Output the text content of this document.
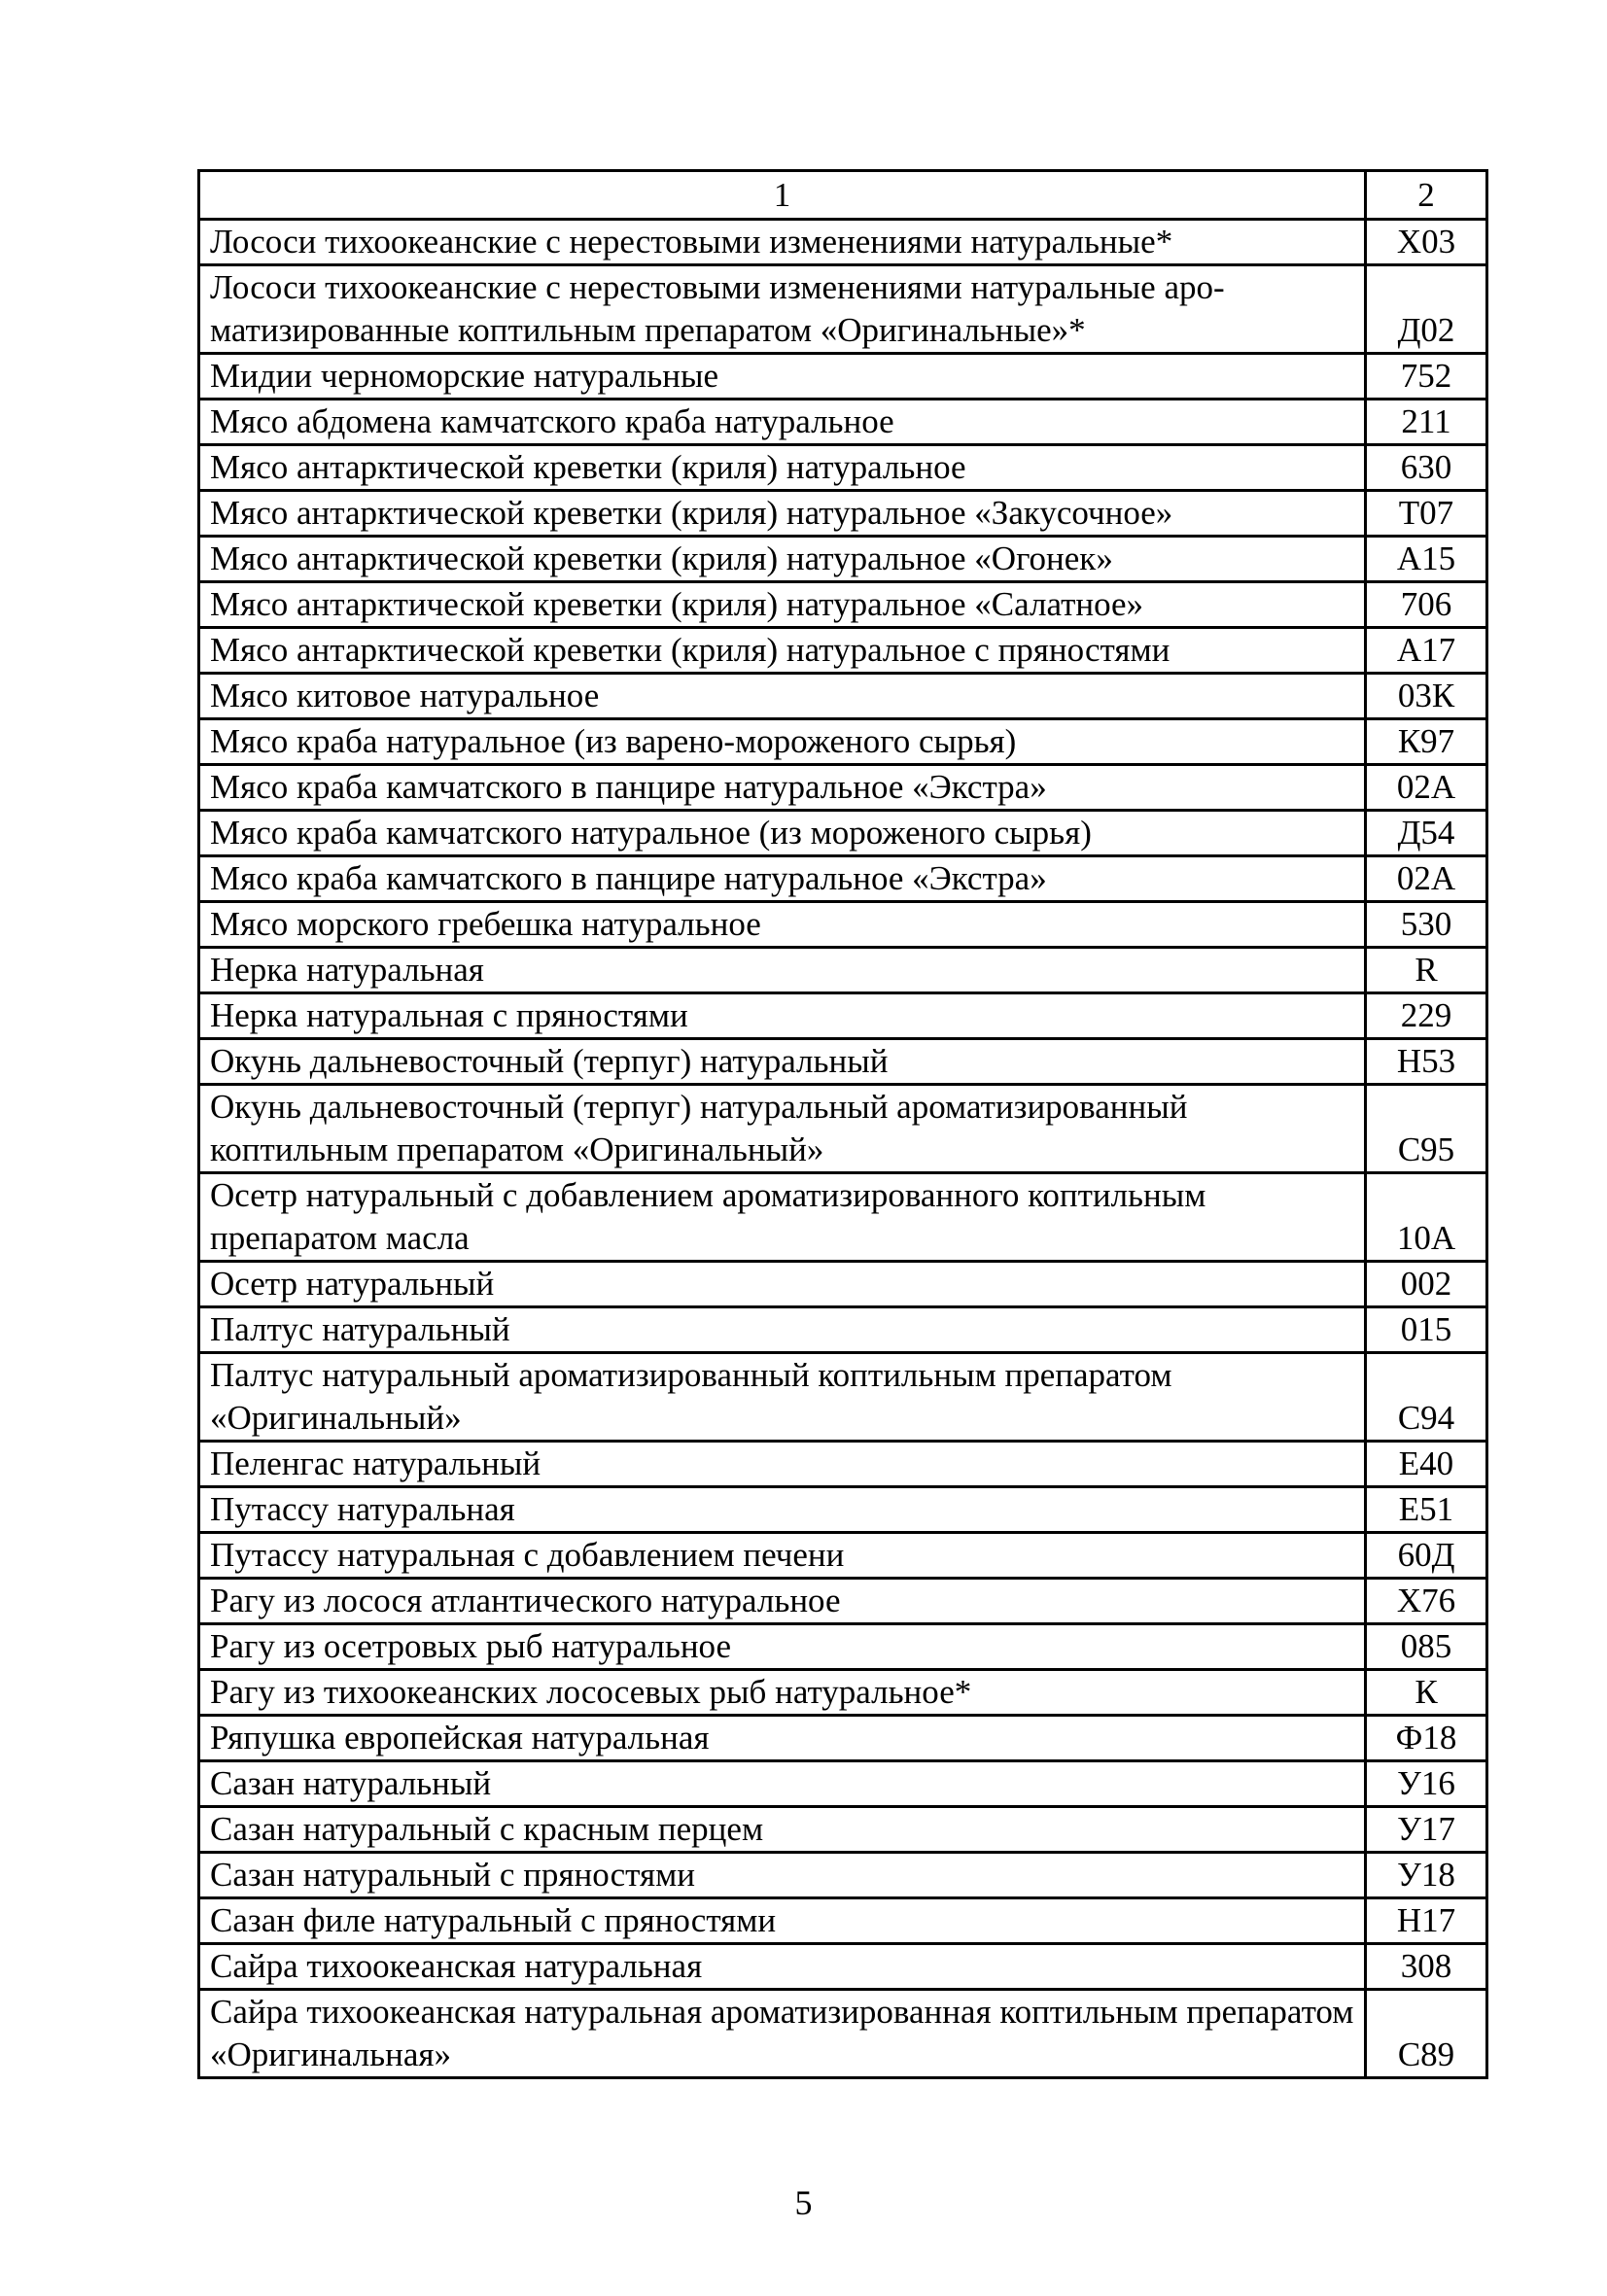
1	2
Лососи тихоокеанские с нерестовыми изменениями натуральные*	Х03
Лососи тихоокеанские с нерестовыми изменениями натуральные аро-матизированные коптильным препаратом «Оригинальные»*	Д02
Мидии черноморские натуральные	752
Мясо абдомена камчатского краба натуральное	211
Мясо антарктической креветки (криля) натуральное	630
Мясо антарктической креветки (криля) натуральное «Закусочное»	Т07
Мясо антарктической креветки (криля) натуральное «Огонек»	А15
Мясо антарктической креветки (криля) натуральное «Салатное»	706
Мясо антарктической креветки (криля) натуральное с пряностями	А17
Мясо китовое натуральное	03К
Мясо краба натуральное (из варено-мороженого сырья)	К97
Мясо краба камчатского в панцире натуральное «Экстра»	02А
Мясо краба камчатского натуральное (из мороженого сырья)	Д54
Мясо краба камчатского в панцире натуральное «Экстра»	02А
Мясо морского гребешка натуральное	530
Нерка натуральная	R
Нерка натуральная с пряностями	229
Окунь дальневосточный (терпуг) натуральный	Н53
Окунь дальневосточный (терпуг) натуральный ароматизированный коптильным препаратом «Оригинальный»	С95
Осетр натуральный с добавлением ароматизированного коптильным препаратом масла	10А
Осетр натуральный	002
Палтус натуральный	015
Палтус натуральный ароматизированный коптильным препаратом «Оригинальный»	С94
Пеленгас натуральный	Е40
Путассу натуральная	Е51
Путассу натуральная с добавлением печени	60Д
Рагу из лосося атлантического натуральное	Х76
Рагу из осетровых рыб натуральное	085
Рагу из тихоокеанских лососевых рыб натуральное*	К
Ряпушка европейская натуральная	Ф18
Сазан натуральный	У16
Сазан натуральный с красным перцем	У17
Сазан натуральный с пряностями	У18
Сазан филе натуральный с пряностями	Н17
Сайра тихоокеанская натуральная	308
Сайра тихоокеанская натуральная ароматизированная коптильным препаратом «Оригинальная»	С89
5
